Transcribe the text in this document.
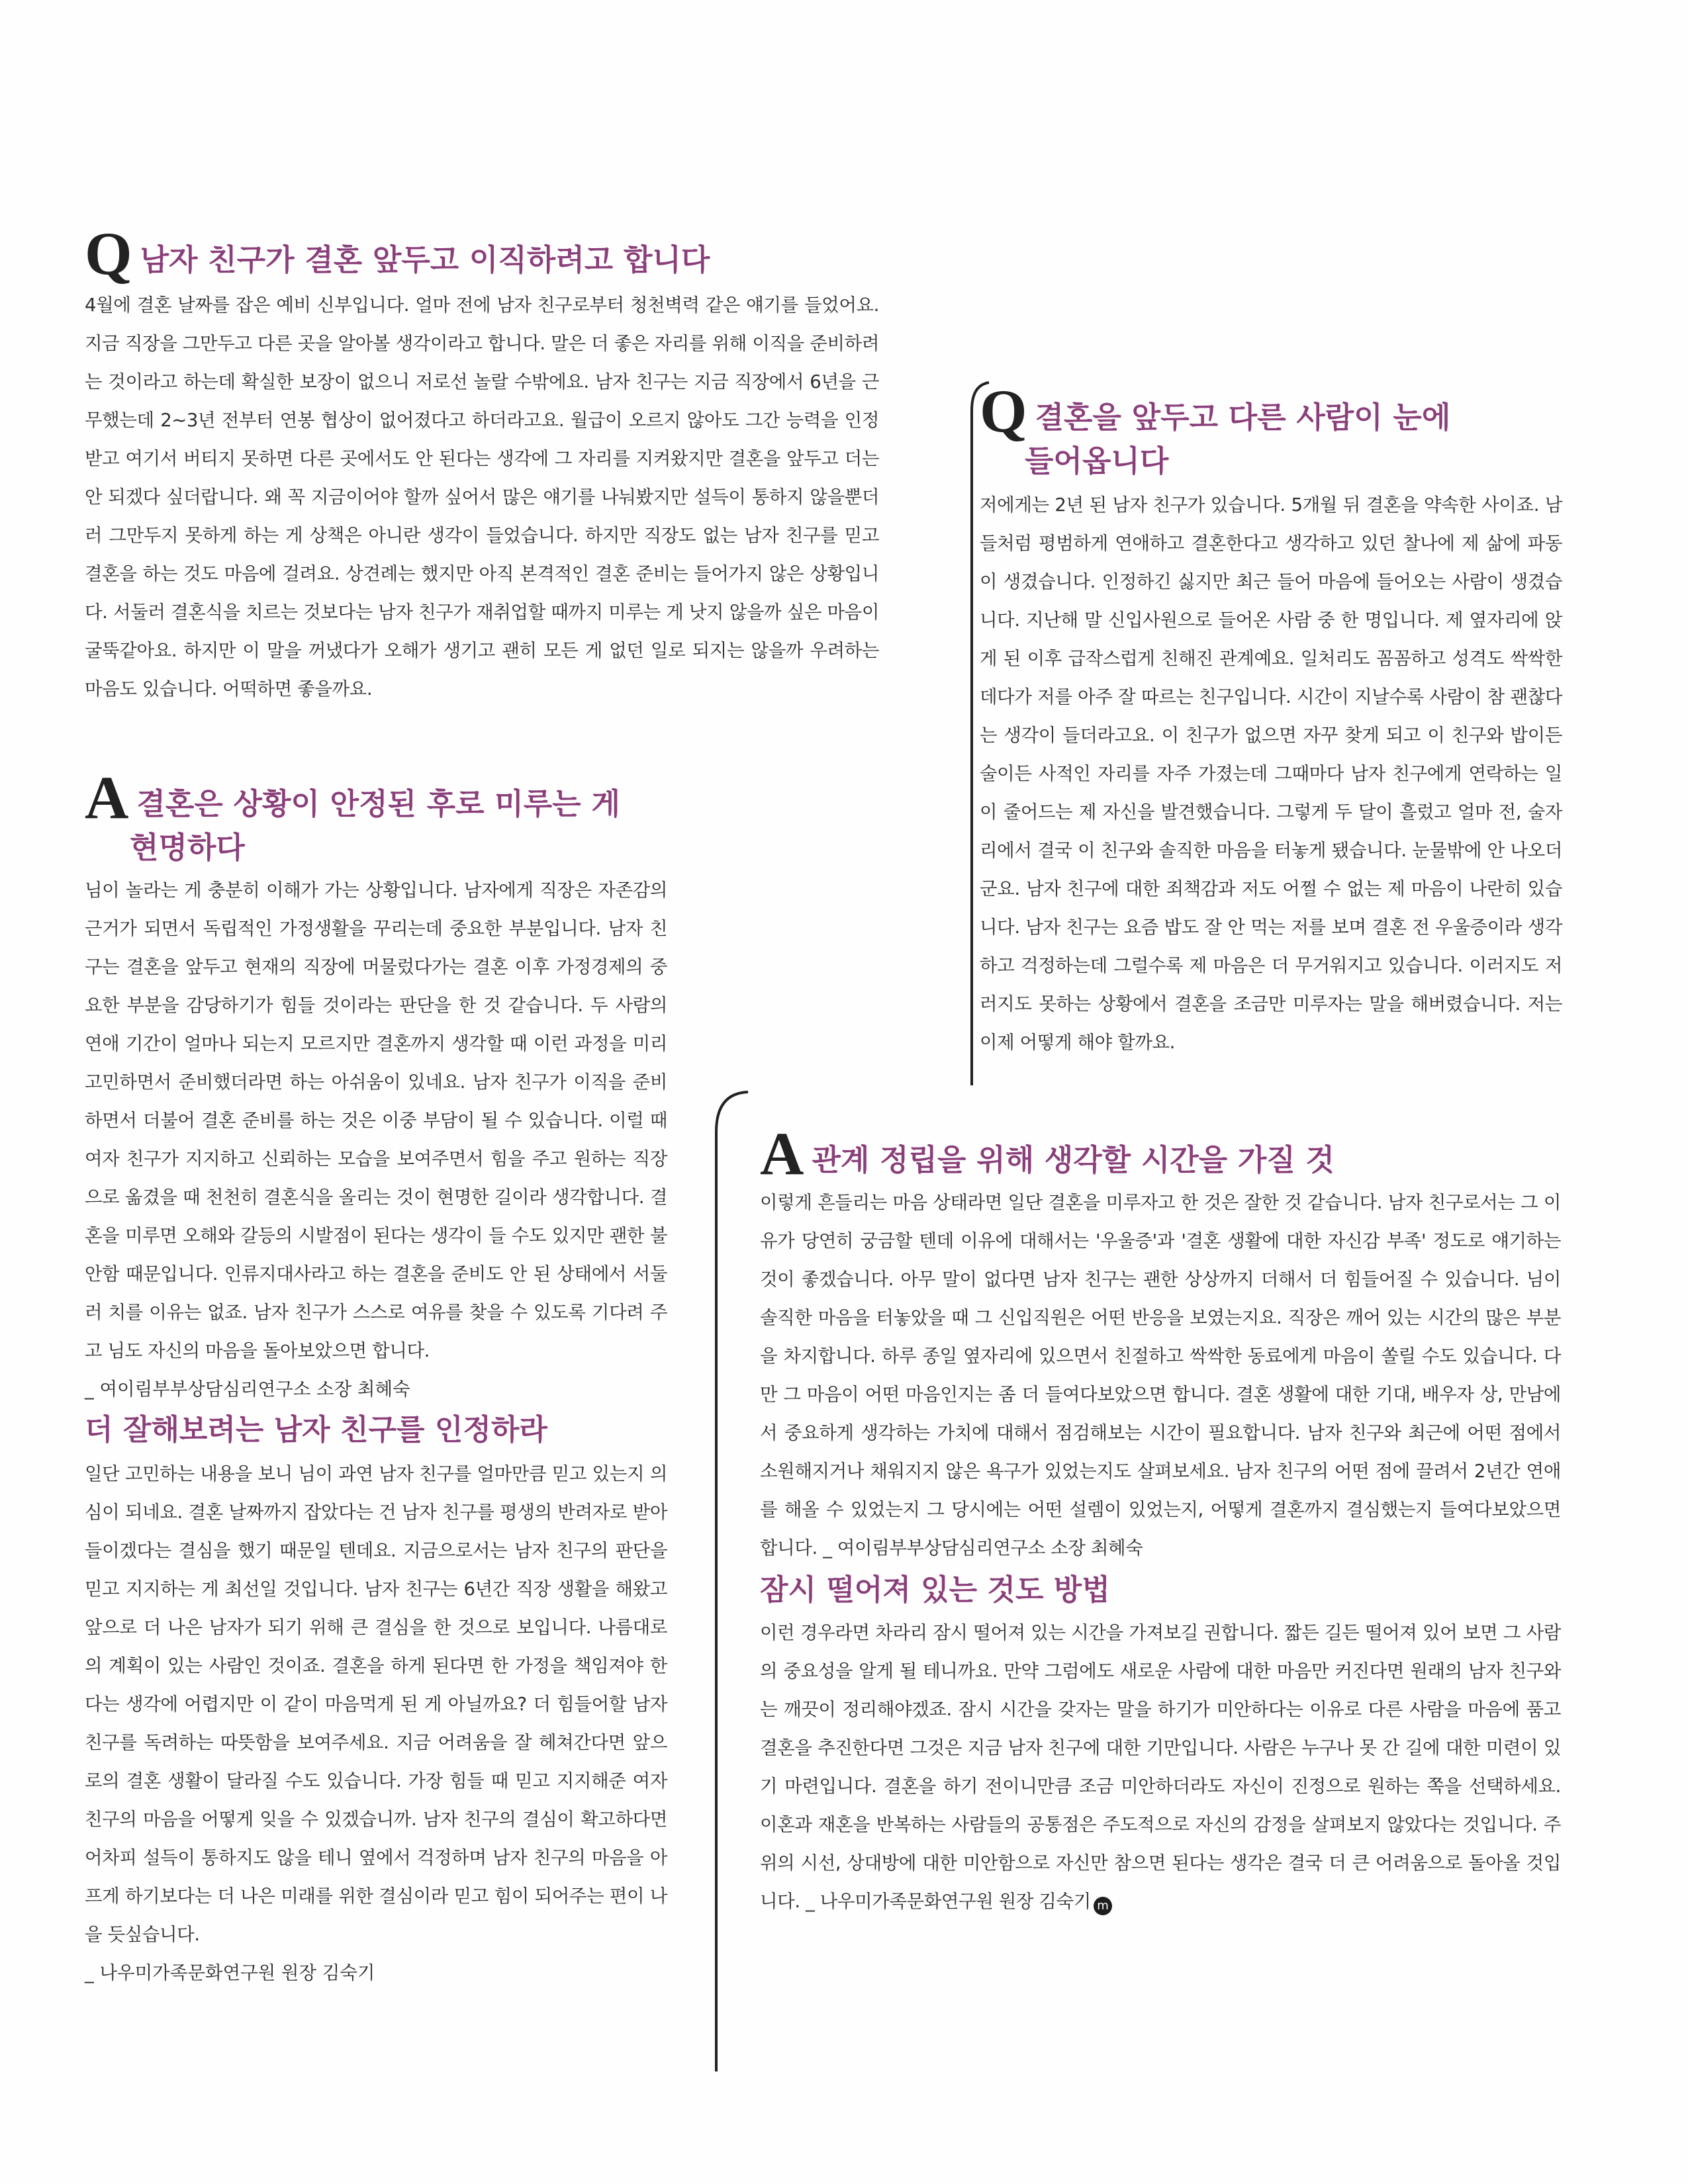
Q남자 친구가 결혼 앞두고 이직하려고 합니다

4월에 결혼 날짜를 잡은 예비 신부입니다. 얼마 전에 남자 친구로부터 청천벽력 같은 얘기를 들었어요. 지금 직장을 그만두고 다른 곳을 알아볼 생각이라고 합니다. 말은 더 좋은 자리를 위해 이직을 준비하려는 것이라고 하는데 확실한 보장이 없으니 저로선 놀랄 수밖에요. 남자 친구는 지금 직장에서 6년을 근무했는데 2~3년 전부터 연봉 협상이 없어졌다고 하더라고요. 월급이 오르지 않아도 그간 능력을 인정받고 여기서 버티지 못하면 다른 곳에서도 안 된다는 생각에 그 자리를 지켜왔지만 결혼을 앞두고 더는 안 되겠다 싶더랍니다. 왜 꼭 지금이어야 할까 싶어서 많은 얘기를 나눠봤지만 설득이 통하지 않을뿐더러 그만두지 못하게 하는 게 상책은 아니란 생각이 들었습니다. 하지만 직장도 없는 남자 친구를 믿고 결혼을 하는 것도 마음에 걸려요. 상견례는 했지만 아직 본격적인 결혼 준비는 들어가지 않은 상황입니다. 서둘러 결혼식을 치르는 것보다는 남자 친구가 재취업할 때까지 미루는 게 낫지 않을까 싶은 마음이 굴뚝같아요. 하지만 이 말을 꺼냈다가 오해가 생기고 괜히 모든 게 없던 일로 되지는 않을까 우려하는 마음도 있습니다. 어떡하면 좋을까요.

A결혼은 상황이 안정된 후로 미루는 게
현명하다

님이 놀라는 게 충분히 이해가 가는 상황입니다. 남자에게 직장은 자존감의 근거가 되면서 독립적인 가정생활을 꾸리는데 중요한 부분입니다. 남자 친구는 결혼을 앞두고 현재의 직장에 머물렀다가는 결혼 이후 가정경제의 중요한 부분을 감당하기가 힘들 것이라는 판단을 한 것 같습니다. 두 사람의 연애 기간이 얼마나 되는지 모르지만 결혼까지 생각할 때 이런 과정을 미리 고민하면서 준비했더라면 하는 아쉬움이 있네요. 남자 친구가 이직을 준비하면서 더불어 결혼 준비를 하는 것은 이중 부담이 될 수 있습니다. 이럴 때 여자 친구가 지지하고 신뢰하는 모습을 보여주면서 힘을 주고 원하는 직장으로 옮겼을 때 천천히 결혼식을 올리는 것이 현명한 길이라 생각합니다. 결혼을 미루면 오해와 갈등의 시발점이 된다는 생각이 들 수도 있지만 괜한 불안함 때문입니다. 인류지대사라고 하는 결혼을 준비도 안 된 상태에서 서둘러 치를 이유는 없죠. 남자 친구가 스스로 여유를 찾을 수 있도록 기다려 주고 님도 자신의 마음을 돌아보았으면 합니다.

_ 여이림부부상담심리연구소 소장 최혜숙

더 잘해보려는 남자 친구를 인정하라

일단 고민하는 내용을 보니 님이 과연 남자 친구를 얼마만큼 믿고 있는지 의심이 되네요. 결혼 날짜까지 잡았다는 건 남자 친구를 평생의 반려자로 받아들이겠다는 결심을 했기 때문일 텐데요. 지금으로서는 남자 친구의 판단을 믿고 지지하는 게 최선일 것입니다. 남자 친구는 6년간 직장 생활을 해왔고 앞으로 더 나은 남자가 되기 위해 큰 결심을 한 것으로 보입니다. 나름대로의 계획이 있는 사람인 것이죠. 결혼을 하게 된다면 한 가정을 책임져야 한다는 생각에 어렵지만 이 같이 마음먹게 된 게 아닐까요? 더 힘들어할 남자 친구를 독려하는 따뜻함을 보여주세요. 지금 어려움을 잘 헤쳐간다면 앞으로의 결혼 생활이 달라질 수도 있습니다. 가장 힘들 때 믿고 지지해준 여자 친구의 마음을 어떻게 잊을 수 있겠습니까. 남자 친구의 결심이 확고하다면 어차피 설득이 통하지도 않을 테니 옆에서 걱정하며 남자 친구의 마음을 아프게 하기보다는 더 나은 미래를 위한 결심이라 믿고 힘이 되어주는 편이 나을 듯싶습니다.

_ 나우미가족문화연구원 원장 김숙기

Q결혼을 앞두고 다른 사람이 눈에
들어옵니다

저에게는 2년 된 남자 친구가 있습니다. 5개월 뒤 결혼을 약속한 사이죠. 남들처럼 평범하게 연애하고 결혼한다고 생각하고 있던 찰나에 제 삶에 파동이 생겼습니다. 인정하긴 싫지만 최근 들어 마음에 들어오는 사람이 생겼습니다. 지난해 말 신입사원으로 들어온 사람 중 한 명입니다. 제 옆자리에 앉게 된 이후 급작스럽게 친해진 관계예요. 일처리도 꼼꼼하고 성격도 싹싹한데다가 저를 아주 잘 따르는 친구입니다. 시간이 지날수록 사람이 참 괜찮다는 생각이 들더라고요. 이 친구가 없으면 자꾸 찾게 되고 이 친구와 밥이든 술이든 사적인 자리를 자주 가졌는데 그때마다 남자 친구에게 연락하는 일이 줄어드는 제 자신을 발견했습니다. 그렇게 두 달이 흘렀고 얼마 전, 술자리에서 결국 이 친구와 솔직한 마음을 터놓게 됐습니다. 눈물밖에 안 나오더군요. 남자 친구에 대한 죄책감과 저도 어쩔 수 없는 제 마음이 나란히 있습니다. 남자 친구는 요즘 밥도 잘 안 먹는 저를 보며 결혼 전 우울증이라 생각하고 걱정하는데 그럴수록 제 마음은 더 무거워지고 있습니다. 이러지도 저러지도 못하는 상황에서 결혼을 조금만 미루자는 말을 해버렸습니다. 저는 이제 어떻게 해야 할까요.

A관계 정립을 위해 생각할 시간을 가질 것

이렇게 흔들리는 마음 상태라면 일단 결혼을 미루자고 한 것은 잘한 것 같습니다. 남자 친구로서는 그 이유가 당연히 궁금할 텐데 이유에 대해서는 '우울증'과 '결혼 생활에 대한 자신감 부족' 정도로 얘기하는 것이 좋겠습니다. 아무 말이 없다면 남자 친구는 괜한 상상까지 더해서 더 힘들어질 수 있습니다. 님이 솔직한 마음을 터놓았을 때 그 신입직원은 어떤 반응을 보였는지요. 직장은 깨어 있는 시간의 많은 부분을 차지합니다. 하루 종일 옆자리에 있으면서 친절하고 싹싹한 동료에게 마음이 쏠릴 수도 있습니다. 다만 그 마음이 어떤 마음인지는 좀 더 들여다보았으면 합니다. 결혼 생활에 대한 기대, 배우자 상, 만남에서 중요하게 생각하는 가치에 대해서 점검해보는 시간이 필요합니다. 남자 친구와 최근에 어떤 점에서 소원해지거나 채워지지 않은 욕구가 있었는지도 살펴보세요. 남자 친구의 어떤 점에 끌려서 2년간 연애를 해올 수 있었는지 그 당시에는 어떤 설렘이 있었는지, 어떻게 결혼까지 결심했는지 들여다보았으면 합니다. _ 여이림부부상담심리연구소 소장 최혜숙

잠시 떨어져 있는 것도 방법

이런 경우라면 차라리 잠시 떨어져 있는 시간을 가져보길 권합니다. 짧든 길든 떨어져 있어 보면 그 사람의 중요성을 알게 될 테니까요. 만약 그럼에도 새로운 사람에 대한 마음만 커진다면 원래의 남자 친구와는 깨끗이 정리해야겠죠. 잠시 시간을 갖자는 말을 하기가 미안하다는 이유로 다른 사람을 마음에 품고 결혼을 추진한다면 그것은 지금 남자 친구에 대한 기만입니다. 사람은 누구나 못 간 길에 대한 미련이 있기 마련입니다. 결혼을 하기 전이니만큼 조금 미안하더라도 자신이 진정으로 원하는 쪽을 선택하세요. 이혼과 재혼을 반복하는 사람들의 공통점은 주도적으로 자신의 감정을 살펴보지 않았다는 것입니다. 주위의 시선, 상대방에 대한 미안함으로 자신만 참으면 된다는 생각은 결국 더 큰 어려움으로 돌아올 것입니다. _ 나우미가족문화연구원 원장 김숙기 m
